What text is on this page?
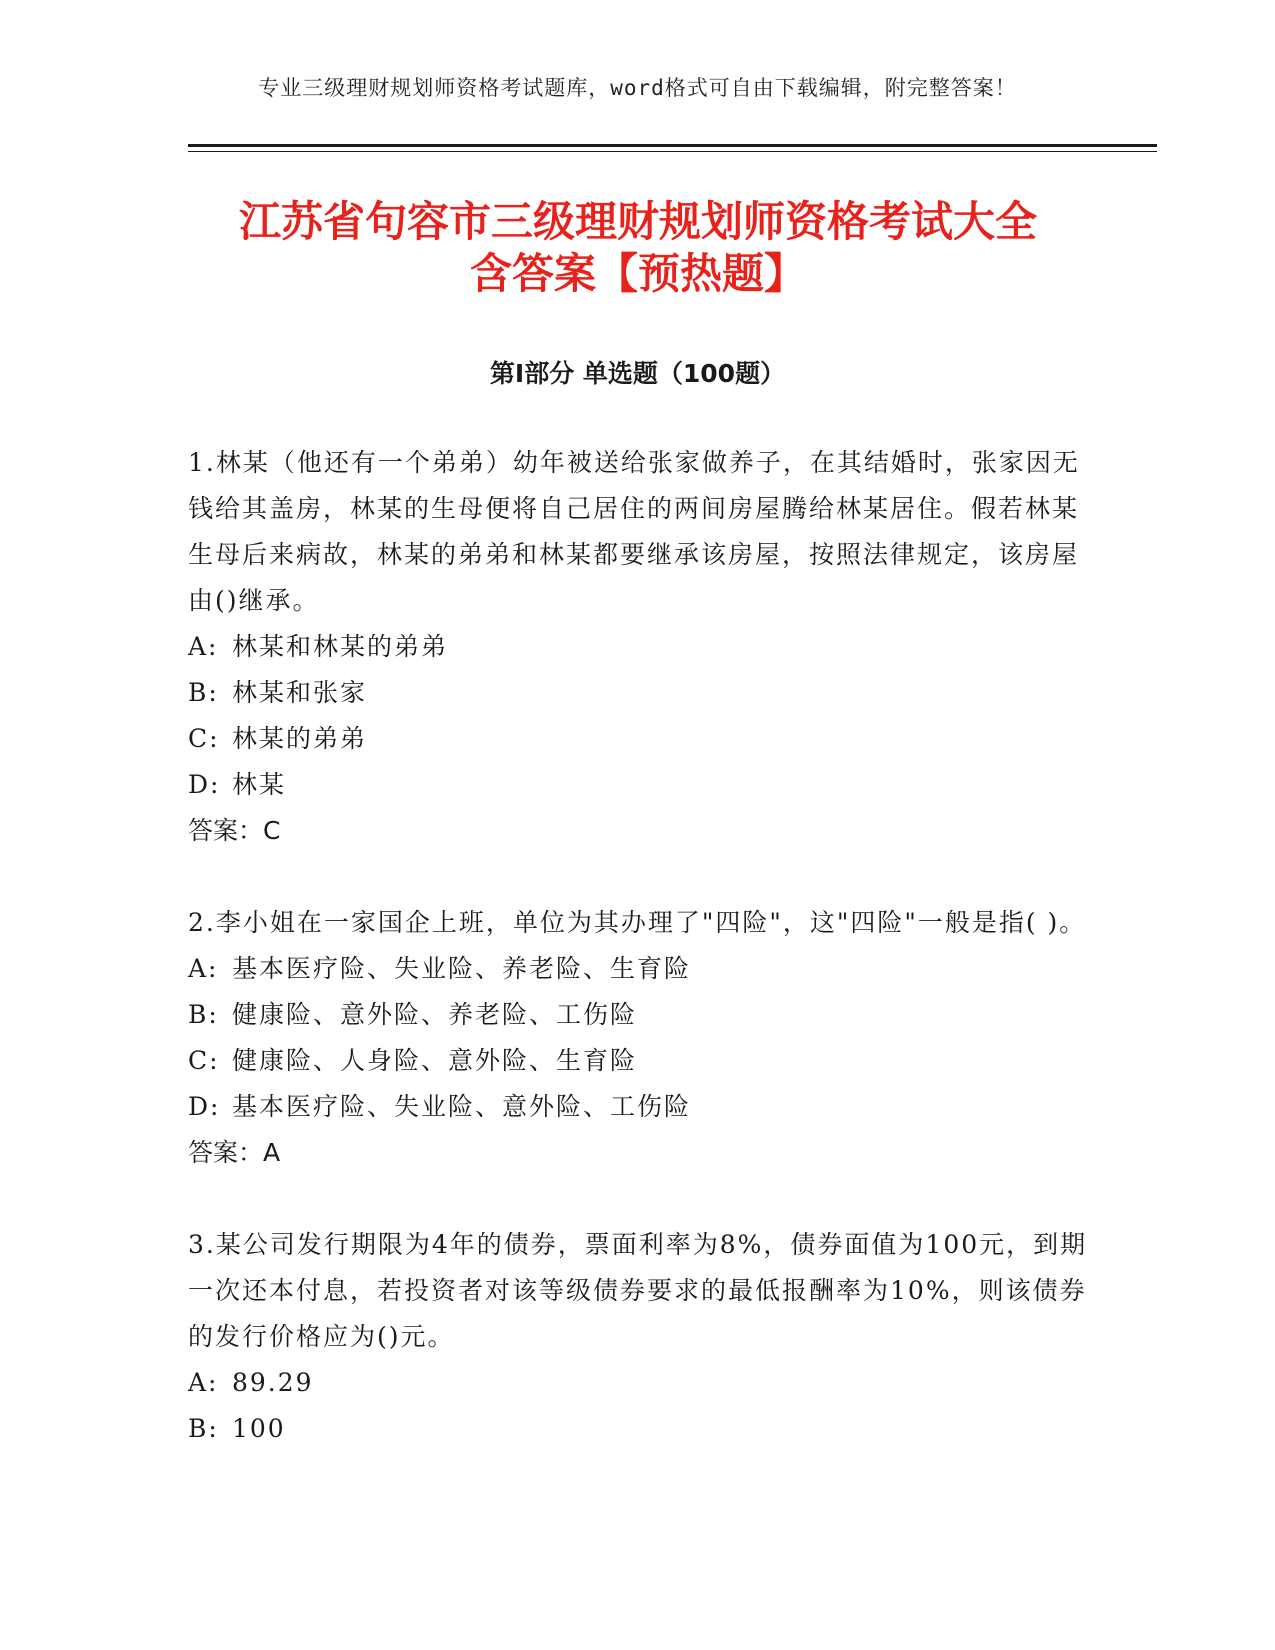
专业三级理财规划师资格考试题库，word格式可自由下载编辑，附完整答案！
江苏省句容市三级理财规划师资格考试大全
含答案【预热题】
第Ⅰ部分 单选题（100题）

1.林某（他还有一个弟弟）幼年被送给张家做养子，在其结婚时，张家因无钱给其盖房，林某的生母便将自己居住的两间房屋腾给林某居住。假若林某生母后来病故，林某的弟弟和林某都要继承该房屋，按照法律规定，该房屋由()继承。

A: 林某和林某的弟弟
B: 林某和张家
C: 林某的弟弟
D: 林某

答案：C

2.李小姐在一家国企上班，单位为其办理了"四险"，这"四险"一般是指( )。

A: 基本医疗险、失业险、养老险、生育险
B: 健康险、意外险、养老险、工伤险
C: 健康险、人身险、意外险、生育险
D: 基本医疗险、失业险、意外险、工伤险

答案：A

3.某公司发行期限为4年的债券，票面利率为8%，债券面值为100元，到期一次还本付息，若投资者对该等级债券要求的最低报酬率为10%，则该债券的发行价格应为()元。

A: 89.29
B: 100
